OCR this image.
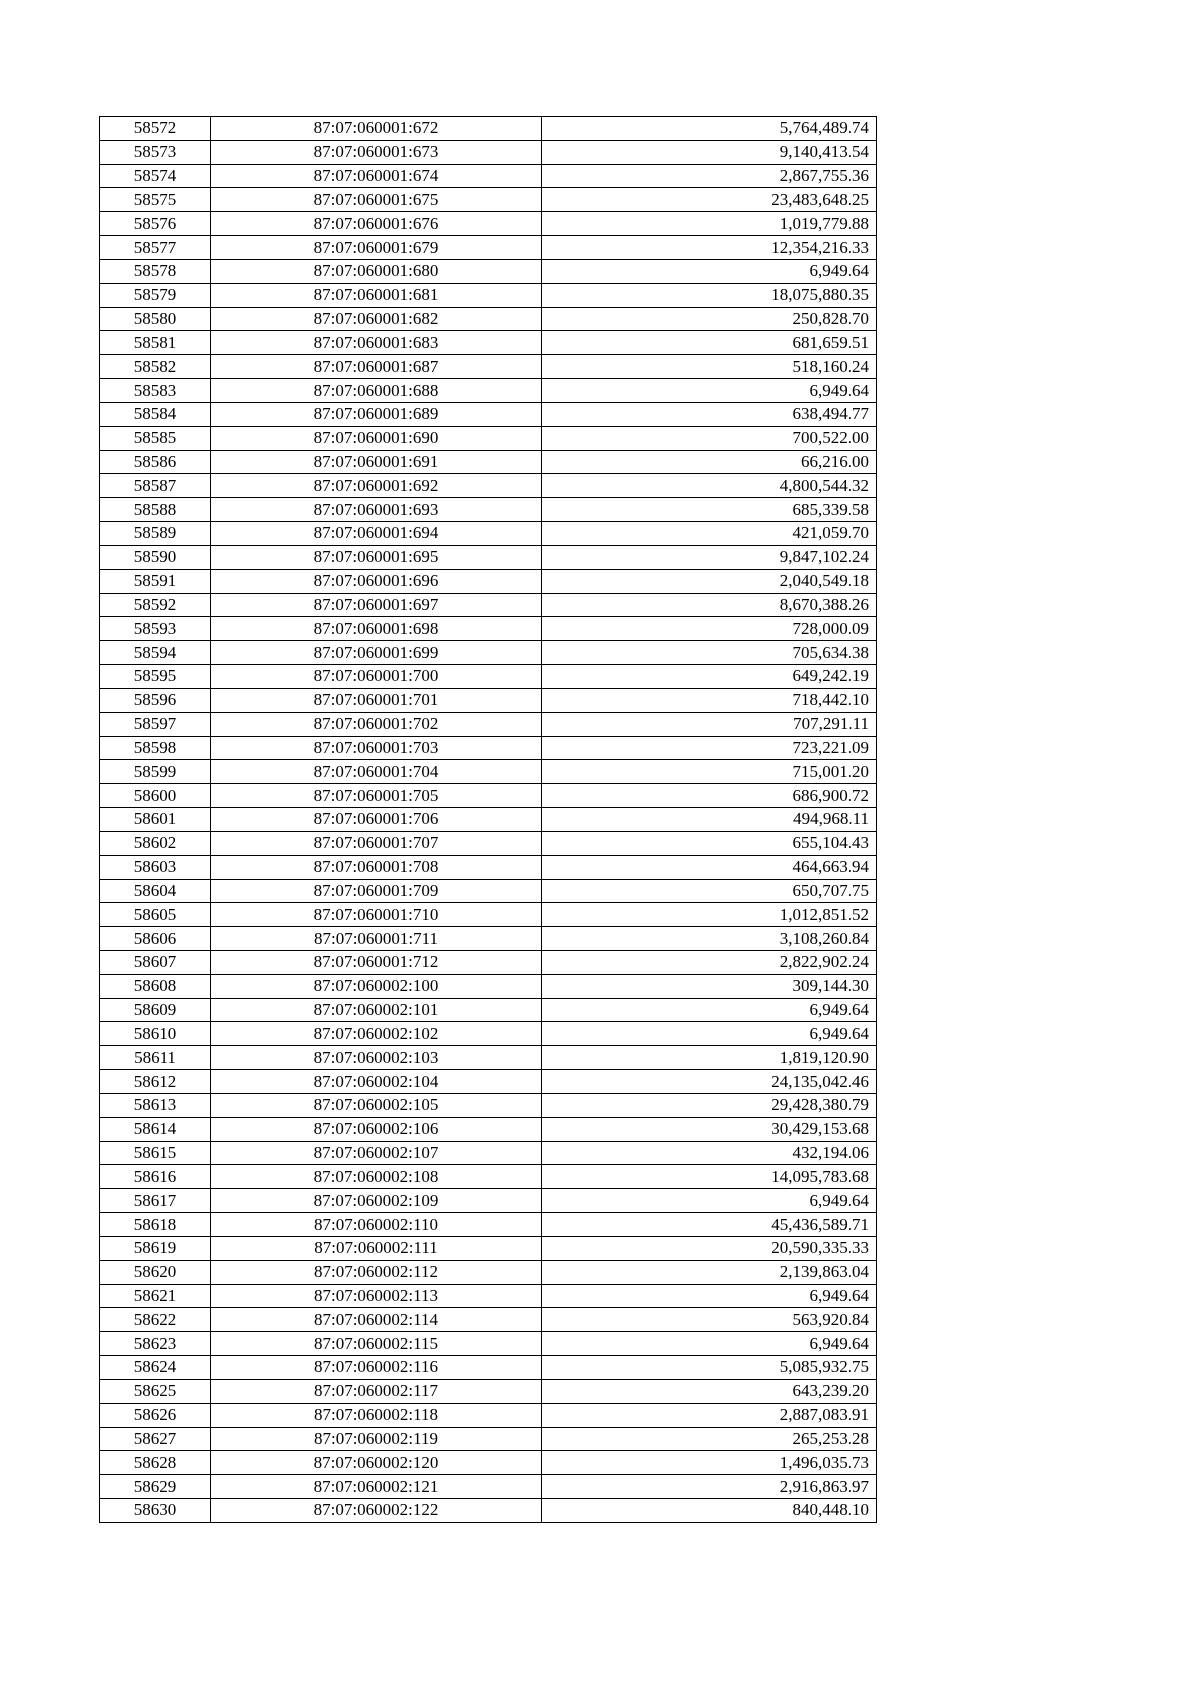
58572	87:07:060001:672	5,764,489.74
58573	87:07:060001:673	9,140,413.54
58574	87:07:060001:674	2,867,755.36
58575	87:07:060001:675	23,483,648.25
58576	87:07:060001:676	1,019,779.88
58577	87:07:060001:679	12,354,216.33
58578	87:07:060001:680	6,949.64
58579	87:07:060001:681	18,075,880.35
58580	87:07:060001:682	250,828.70
58581	87:07:060001:683	681,659.51
58582	87:07:060001:687	518,160.24
58583	87:07:060001:688	6,949.64
58584	87:07:060001:689	638,494.77
58585	87:07:060001:690	700,522.00
58586	87:07:060001:691	66,216.00
58587	87:07:060001:692	4,800,544.32
58588	87:07:060001:693	685,339.58
58589	87:07:060001:694	421,059.70
58590	87:07:060001:695	9,847,102.24
58591	87:07:060001:696	2,040,549.18
58592	87:07:060001:697	8,670,388.26
58593	87:07:060001:698	728,000.09
58594	87:07:060001:699	705,634.38
58595	87:07:060001:700	649,242.19
58596	87:07:060001:701	718,442.10
58597	87:07:060001:702	707,291.11
58598	87:07:060001:703	723,221.09
58599	87:07:060001:704	715,001.20
58600	87:07:060001:705	686,900.72
58601	87:07:060001:706	494,968.11
58602	87:07:060001:707	655,104.43
58603	87:07:060001:708	464,663.94
58604	87:07:060001:709	650,707.75
58605	87:07:060001:710	1,012,851.52
58606	87:07:060001:711	3,108,260.84
58607	87:07:060001:712	2,822,902.24
58608	87:07:060002:100	309,144.30
58609	87:07:060002:101	6,949.64
58610	87:07:060002:102	6,949.64
58611	87:07:060002:103	1,819,120.90
58612	87:07:060002:104	24,135,042.46
58613	87:07:060002:105	29,428,380.79
58614	87:07:060002:106	30,429,153.68
58615	87:07:060002:107	432,194.06
58616	87:07:060002:108	14,095,783.68
58617	87:07:060002:109	6,949.64
58618	87:07:060002:110	45,436,589.71
58619	87:07:060002:111	20,590,335.33
58620	87:07:060002:112	2,139,863.04
58621	87:07:060002:113	6,949.64
58622	87:07:060002:114	563,920.84
58623	87:07:060002:115	6,949.64
58624	87:07:060002:116	5,085,932.75
58625	87:07:060002:117	643,239.20
58626	87:07:060002:118	2,887,083.91
58627	87:07:060002:119	265,253.28
58628	87:07:060002:120	1,496,035.73
58629	87:07:060002:121	2,916,863.97
58630	87:07:060002:122	840,448.10
